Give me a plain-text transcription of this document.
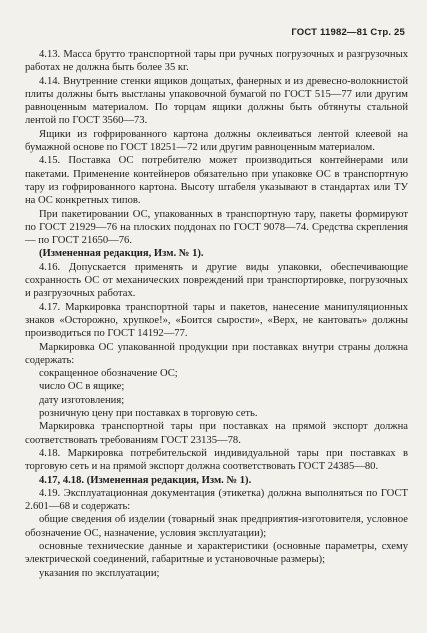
ГОСТ 11982—81 Стр. 25

4.13. Масса брутто транспортной тары при ручных погрузочных и разгрузочных работах не должна быть более 35 кг.

4.14. Внутренние стенки ящиков дощатых, фанерных и из древесно-волокнистой плиты должны быть выстланы упаковочной бумагой по ГОСТ 515—77 или другим равноценным материалом. По торцам ящики должны быть обтянуты стальной лентой по ГОСТ 3560—73.

Ящики из гофрированного картона должны оклеиваться лентой клеевой на бумажной основе по ГОСТ 18251—72 или другим равноценным материалом.

4.15. Поставка ОС потребителю может производиться контейнерами или пакетами. Применение контейнеров обязательно при упаковке ОС в транспортную тару из гофрированного картона. Высоту штабеля указывают в стандартах или ТУ на ОС конкретных типов.

При пакетировании ОС, упакованных в транспортную тару, пакеты формируют по ГОСТ 21929—76 на плоских поддонах по ГОСТ 9078—74. Средства скрепления — по ГОСТ 21650—76.

(Измененная редакция, Изм. № 1).

4.16. Допускается применять и другие виды упаковки, обеспечивающие сохранность ОС от механических повреждений при транспортировке, погрузочных и разгрузочных работах.

4.17. Маркировка транспортной тары и пакетов, нанесение манипуляционных знаков «Осторожно, хрупкое!», «Боится сырости», «Верх, не кантовать» должны производиться по ГОСТ 14192—77.

Маркировка ОС упакованной продукции при поставках внутри страны должна содержать:

сокращенное обозначение ОС;

число ОС в ящике;

дату изготовления;

розничную цену при поставках в торговую сеть.

Маркировка транспортной тары при поставках на прямой экспорт должна соответствовать требованиям ГОСТ 23135—78.

4.18. Маркировка потребительской индивидуальной тары при поставках в торговую сеть и на прямой экспорт должна соответствовать ГОСТ 24385—80.

4.17, 4.18. (Измененная редакция, Изм. № 1).

4.19. Эксплуатационная документация (этикетка) должна выполняться по ГОСТ 2.601—68 и содержать:

общие сведения об изделии (товарный знак предприятия-изготовителя, условное обозначение ОС, назначение, условия эксплуатации);

основные технические данные и характеристики (основные параметры, схему электрической соединений, габаритные и установочные размеры);

указания по эксплуатации;
